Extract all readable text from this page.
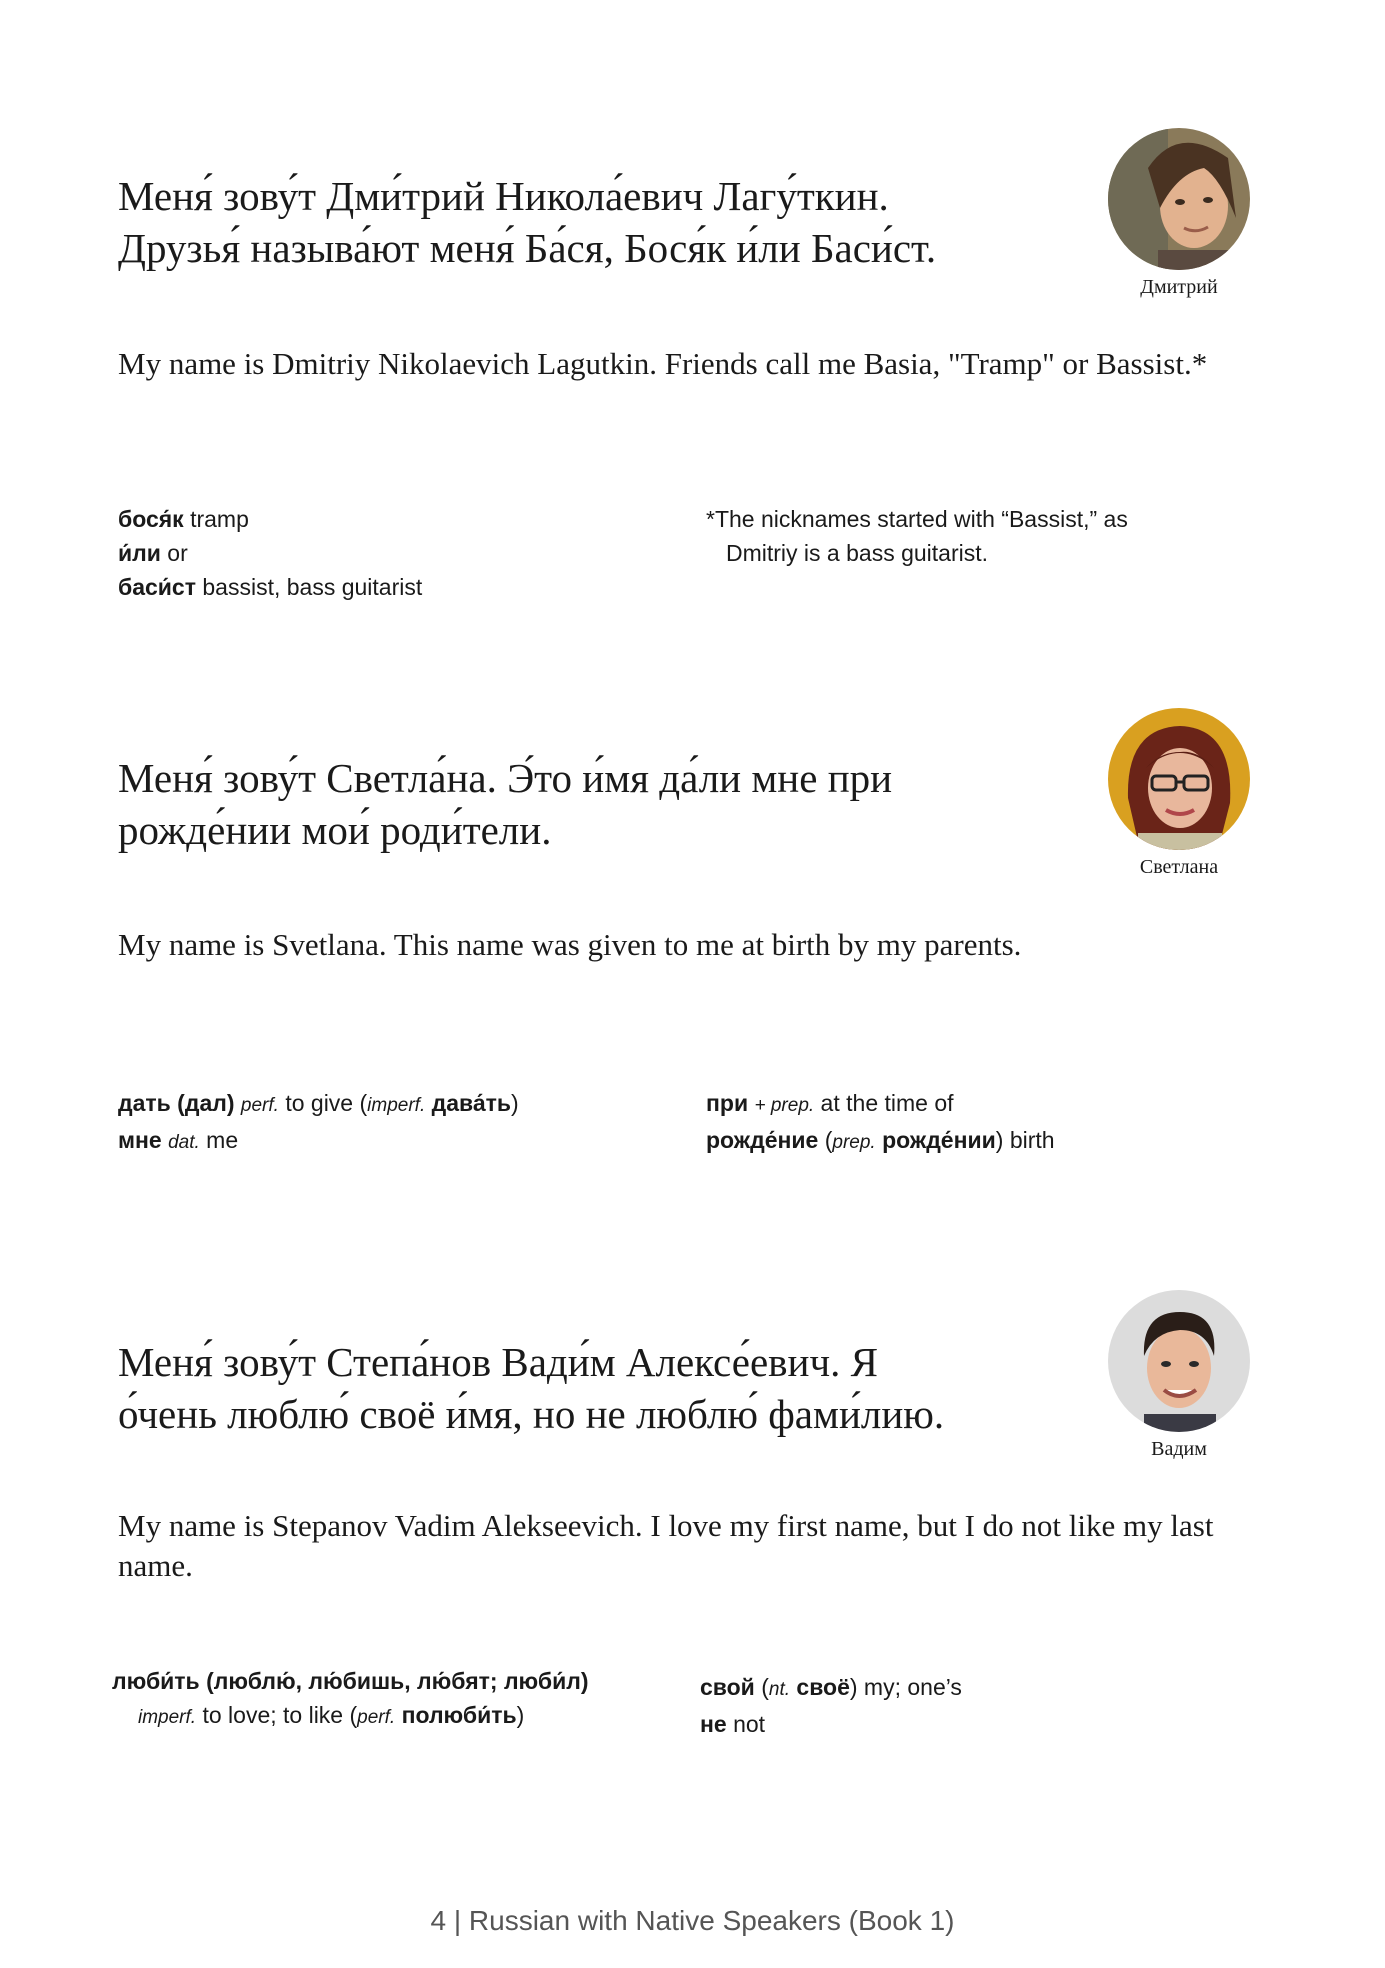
Меня́ зову́т Дми́трий Никола́евич Лагу́ткин.
Друзья́ называ́ют меня́ Ба́ся, Бося́к и́ли Баси́ст.
Дмитрий

My name is Dmitriy Nikolaevich Lagutkin. Friends call me Basia, "Tramp" or Bassist.*

бося́к tramp
и́ли or
баси́ст bassist, bass guitarist
*The nicknames started with “Bassist,” as
Dmitriy is a bass guitarist.
Меня́ зову́т Светла́на. Э́то и́мя да́ли мне при
рожде́нии мои́ роди́тели.
Светлана

My name is Svetlana. This name was given to me at birth by my parents.

дать (дал) perf. to give (imperf. дава́ть)
мне dat. me
при + prep. at the time of
рожде́ние (prep. рожде́нии) birth
Меня́ зову́т Степа́нов Вади́м Алексе́евич. Я
о́чень люблю́ своё и́мя, но не люблю́ фами́лию.
Вадим

My name is Stepanov Vadim Alekseevich. I love my first name, but I do not like my last name.

люби́ть (люблю́, лю́бишь, лю́бят; люби́л)
imperf. to love; to like (perf. полюби́ть)
свой (nt. своё) my; one’s
не not
4 | Russian with Native Speakers (Book 1)
